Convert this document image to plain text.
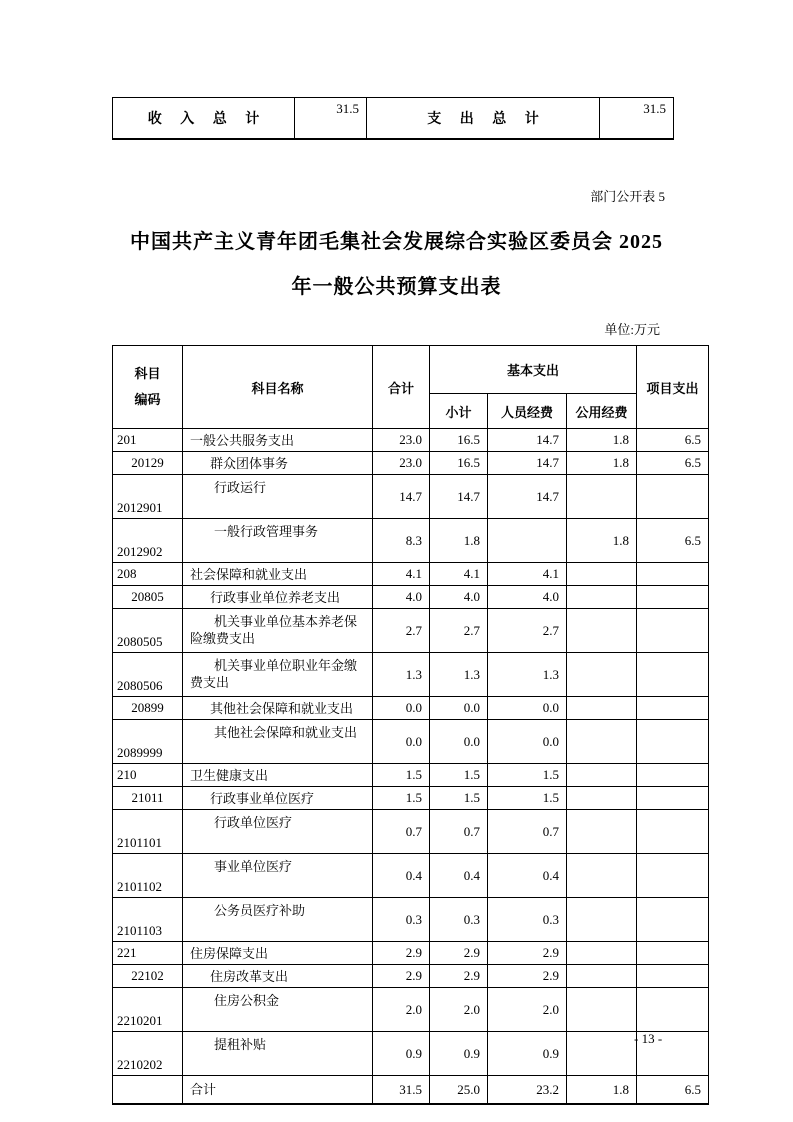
收 入 总 计	31.5	支 出 总 计	31.5
部门公开表 5
中国共产主义青年团毛集社会发展综合实验区委员会 2025
年一般公共预算支出表
单位:万元
科目
编码	科目名称	合计	基本支出			项目支出
			小计	人员经费	公用经费	
201	一般公共服务支出	23.0	16.5	14.7	1.8	6.5
20129	群众团体事务	23.0	16.5	14.7	1.8	6.5
2012901	行政运行	14.7	14.7	14.7		
2012902	一般行政管理事务	8.3	1.8		1.8	6.5
208	社会保障和就业支出	4.1	4.1	4.1		
20805	行政事业单位养老支出	4.0	4.0	4.0		
2080505	机关事业单位基本养老保险缴费支出	2.7	2.7	2.7		
2080506	机关事业单位职业年金缴费支出	1.3	1.3	1.3		
20899	其他社会保障和就业支出	0.0	0.0	0.0		
2089999	其他社会保障和就业支出	0.0	0.0	0.0		
210	卫生健康支出	1.5	1.5	1.5		
21011	行政事业单位医疗	1.5	1.5	1.5		
2101101	行政单位医疗	0.7	0.7	0.7		
2101102	事业单位医疗	0.4	0.4	0.4		
2101103	公务员医疗补助	0.3	0.3	0.3		
221	住房保障支出	2.9	2.9	2.9		
22102	住房改革支出	2.9	2.9	2.9		
2210201	住房公积金	2.0	2.0	2.0		
2210202	提租补贴	0.9	0.9	0.9		
	合计	31.5	25.0	23.2	1.8	6.5
- 13 -
